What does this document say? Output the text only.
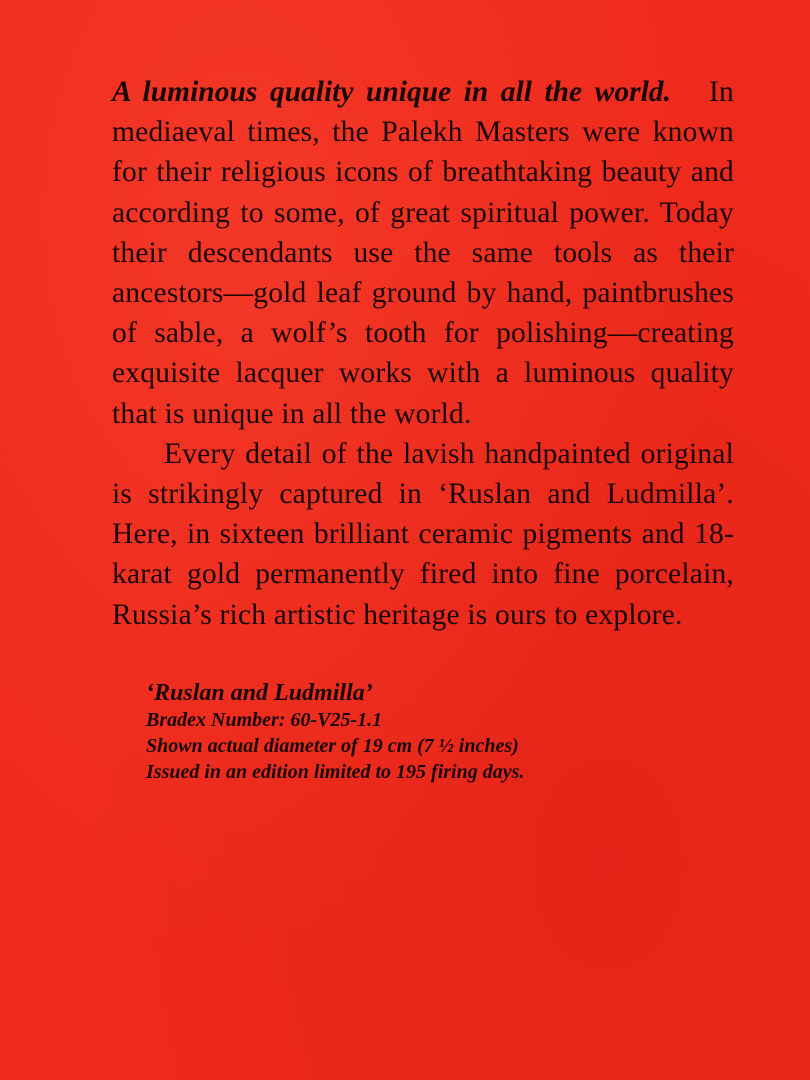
A luminous quality unique in all the world. In mediaeval times, the Palekh Masters were known for their religious icons of breathtaking beauty and according to some, of great spiritual power. Today their descendants use the same tools as their ancestors—gold leaf ground by hand, paintbrushes of sable, a wolf’s tooth for polishing—creating exquisite lacquer works with a luminous quality that is unique in all the world.

Every detail of the lavish handpainted original is strikingly captured in ‘Ruslan and Ludmilla’. Here, in sixteen brilliant ceramic pigments and 18-karat gold permanently fired into fine porcelain, Russia’s rich artistic heritage is ours to explore.

‘Ruslan and Ludmilla’
Bradex Number: 60-V25-1.1
Shown actual diameter of 19 cm (7 ½ inches)
Issued in an edition limited to 195 firing days.
